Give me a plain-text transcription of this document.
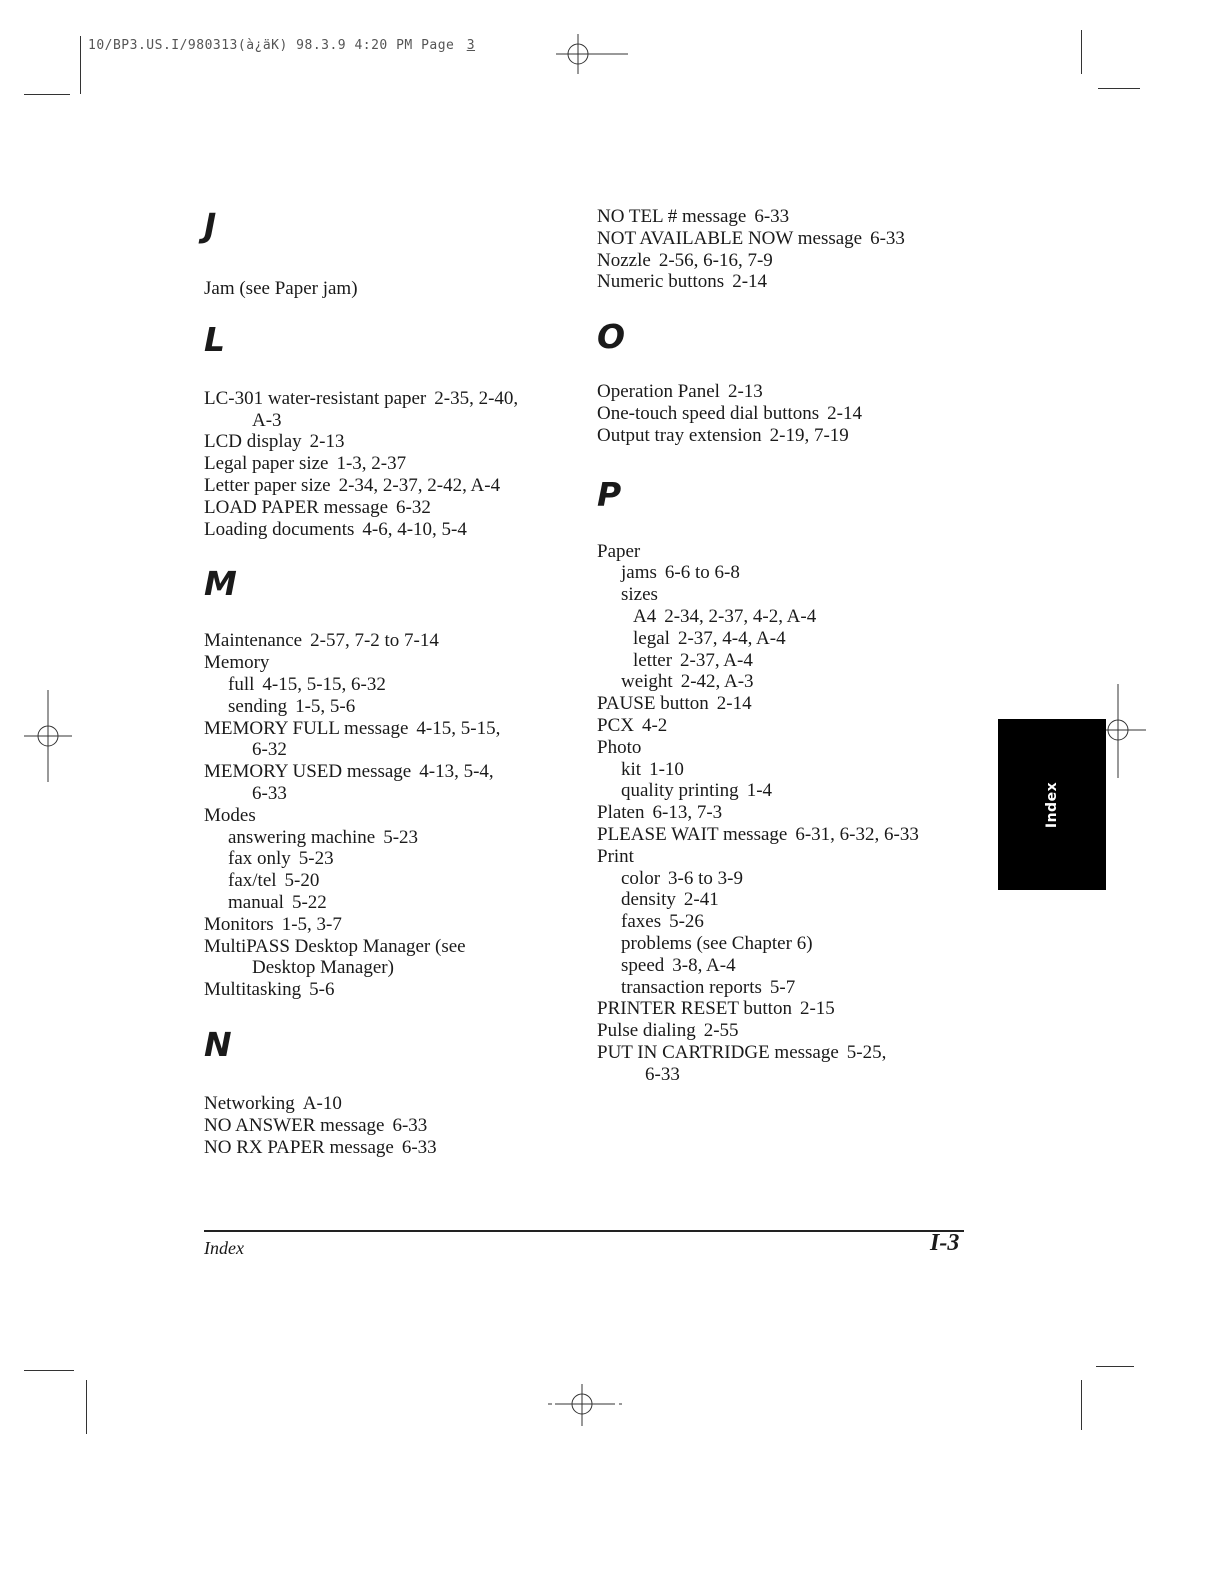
10/BP3.US.I/980313(à¿äK) 98.3.9 4:20 PM Page 3
J
Jam (see Paper jam)
L
LC-301 water-resistant paper 2-35, 2-40,
A-3
LCD display 2-13
Legal paper size 1-3, 2-37
Letter paper size 2-34, 2-37, 2-42, A-4
LOAD PAPER message 6-32
Loading documents 4-6, 4-10, 5-4
M
Maintenance 2-57, 7-2 to 7-14
Memory
full 4-15, 5-15, 6-32
sending 1-5, 5-6
MEMORY FULL message 4-15, 5-15,
6-32
MEMORY USED message 4-13, 5-4,
6-33
Modes
answering machine 5-23
fax only 5-23
fax/tel 5-20
manual 5-22
Monitors 1-5, 3-7
MultiPASS Desktop Manager (see
Desktop Manager)
Multitasking 5-6
N
Networking A-10
NO ANSWER message 6-33
NO RX PAPER message 6-33
NO TEL # message 6-33
NOT AVAILABLE NOW message 6-33
Nozzle 2-56, 6-16, 7-9
Numeric buttons 2-14
O
Operation Panel 2-13
One-touch speed dial buttons 2-14
Output tray extension 2-19, 7-19
P
Paper
jams 6-6 to 6-8
sizes
A4 2-34, 2-37, 4-2, A-4
legal 2-37, 4-4, A-4
letter 2-37, A-4
weight 2-42, A-3
PAUSE button 2-14
PCX 4-2
Photo
kit 1-10
quality printing 1-4
Platen 6-13, 7-3
PLEASE WAIT message 6-31, 6-32, 6-33
Print
color 3-6 to 3-9
density 2-41
faxes 5-26
problems (see Chapter 6)
speed 3-8, A-4
transaction reports 5-7
PRINTER RESET button 2-15
Pulse dialing 2-55
PUT IN CARTRIDGE message 5-25,
6-33
Index
Index	I-3
